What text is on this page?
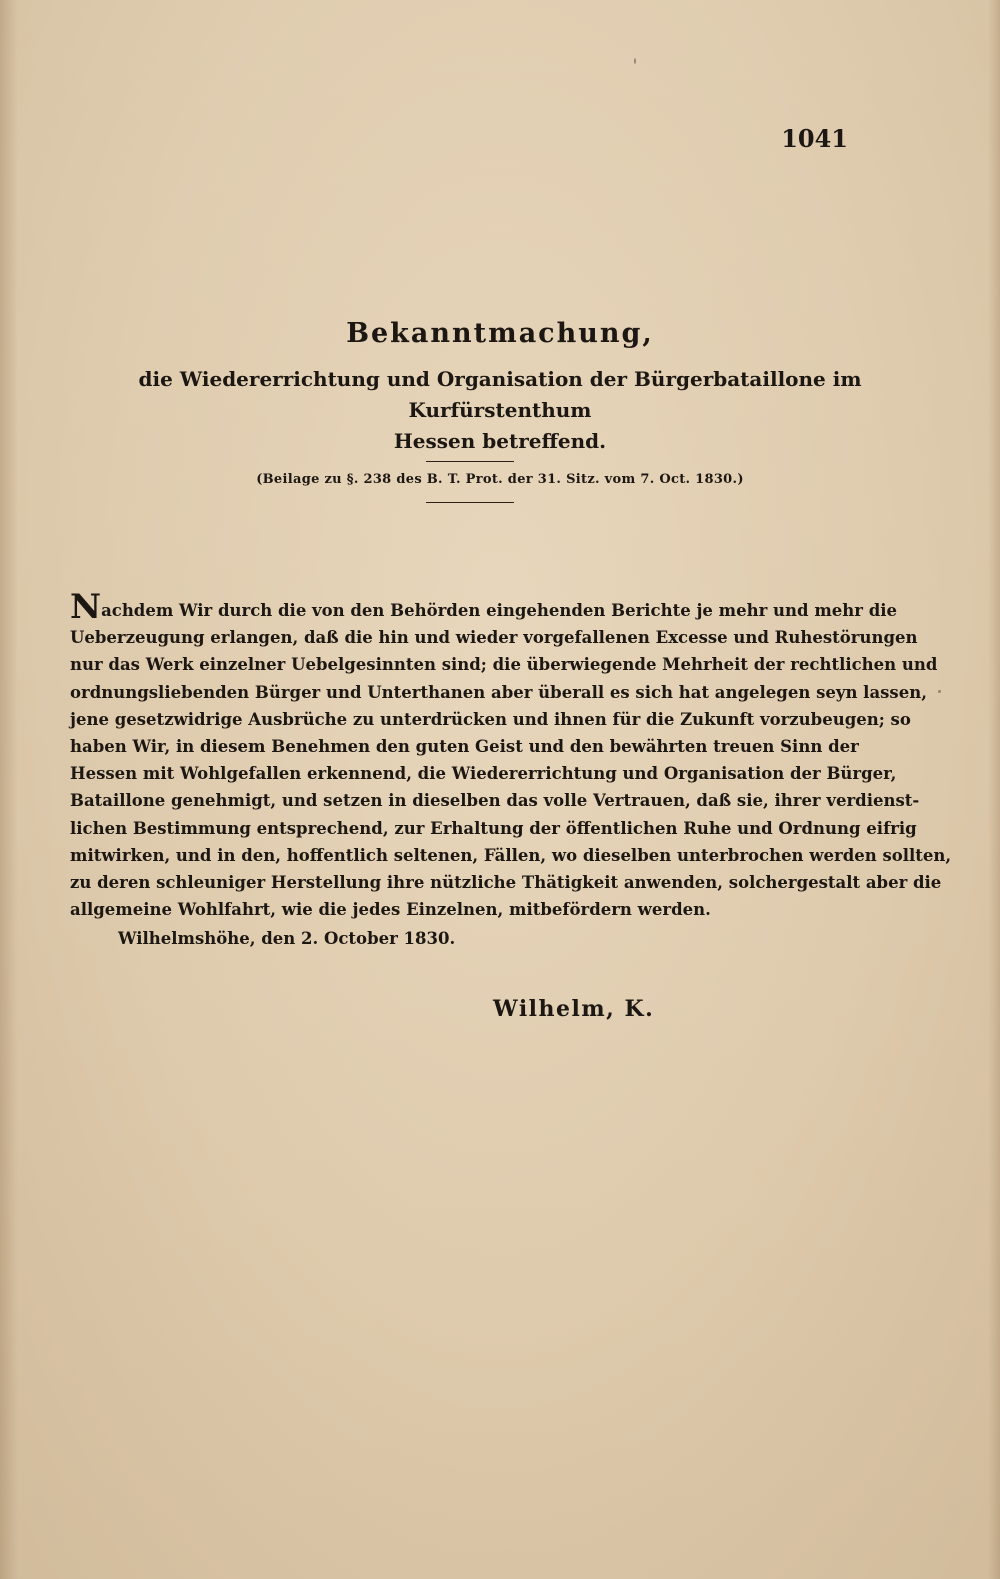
1041
Bekanntmachung,
die Wiedererrichtung und Organisation der Bürgerbataillone im Kurfürstenthum
Hessen betreffend.
(Beilage zu §. 238 des B. T. Prot. der 31. Sitz. vom 7. Oct. 1830.)
Nachdem Wir durch die von den Behörden eingehenden Berichte je mehr und mehr die
Ueberzeugung erlangen, daß die hin und wieder vorgefallenen Excesse und Ruhestörungen
nur das Werk einzelner Uebelgesinnten sind; die überwiegende Mehrheit der rechtlichen und
ordnungsliebenden Bürger und Unterthanen aber überall es sich hat angelegen seyn lassen,
jene gesetzwidrige Ausbrüche zu unterdrücken und ihnen für die Zukunft vorzubeugen; so
haben Wir, in diesem Benehmen den guten Geist und den bewährten treuen Sinn der
Hessen mit Wohlgefallen erkennend, die Wiedererrichtung und Organisation der Bürger,
Bataillone genehmigt, und setzen in dieselben das volle Vertrauen, daß sie, ihrer verdienst-
lichen Bestimmung entsprechend, zur Erhaltung der öffentlichen Ruhe und Ordnung eifrig
mitwirken, und in den, hoffentlich seltenen, Fällen, wo dieselben unterbrochen werden sollten,
zu deren schleuniger Herstellung ihre nützliche Thätigkeit anwenden, solchergestalt aber die
allgemeine Wohlfahrt, wie die jedes Einzelnen, mitbefördern werden.
Wilhelmshöhe, den 2. October 1830.
Wilhelm, K.
